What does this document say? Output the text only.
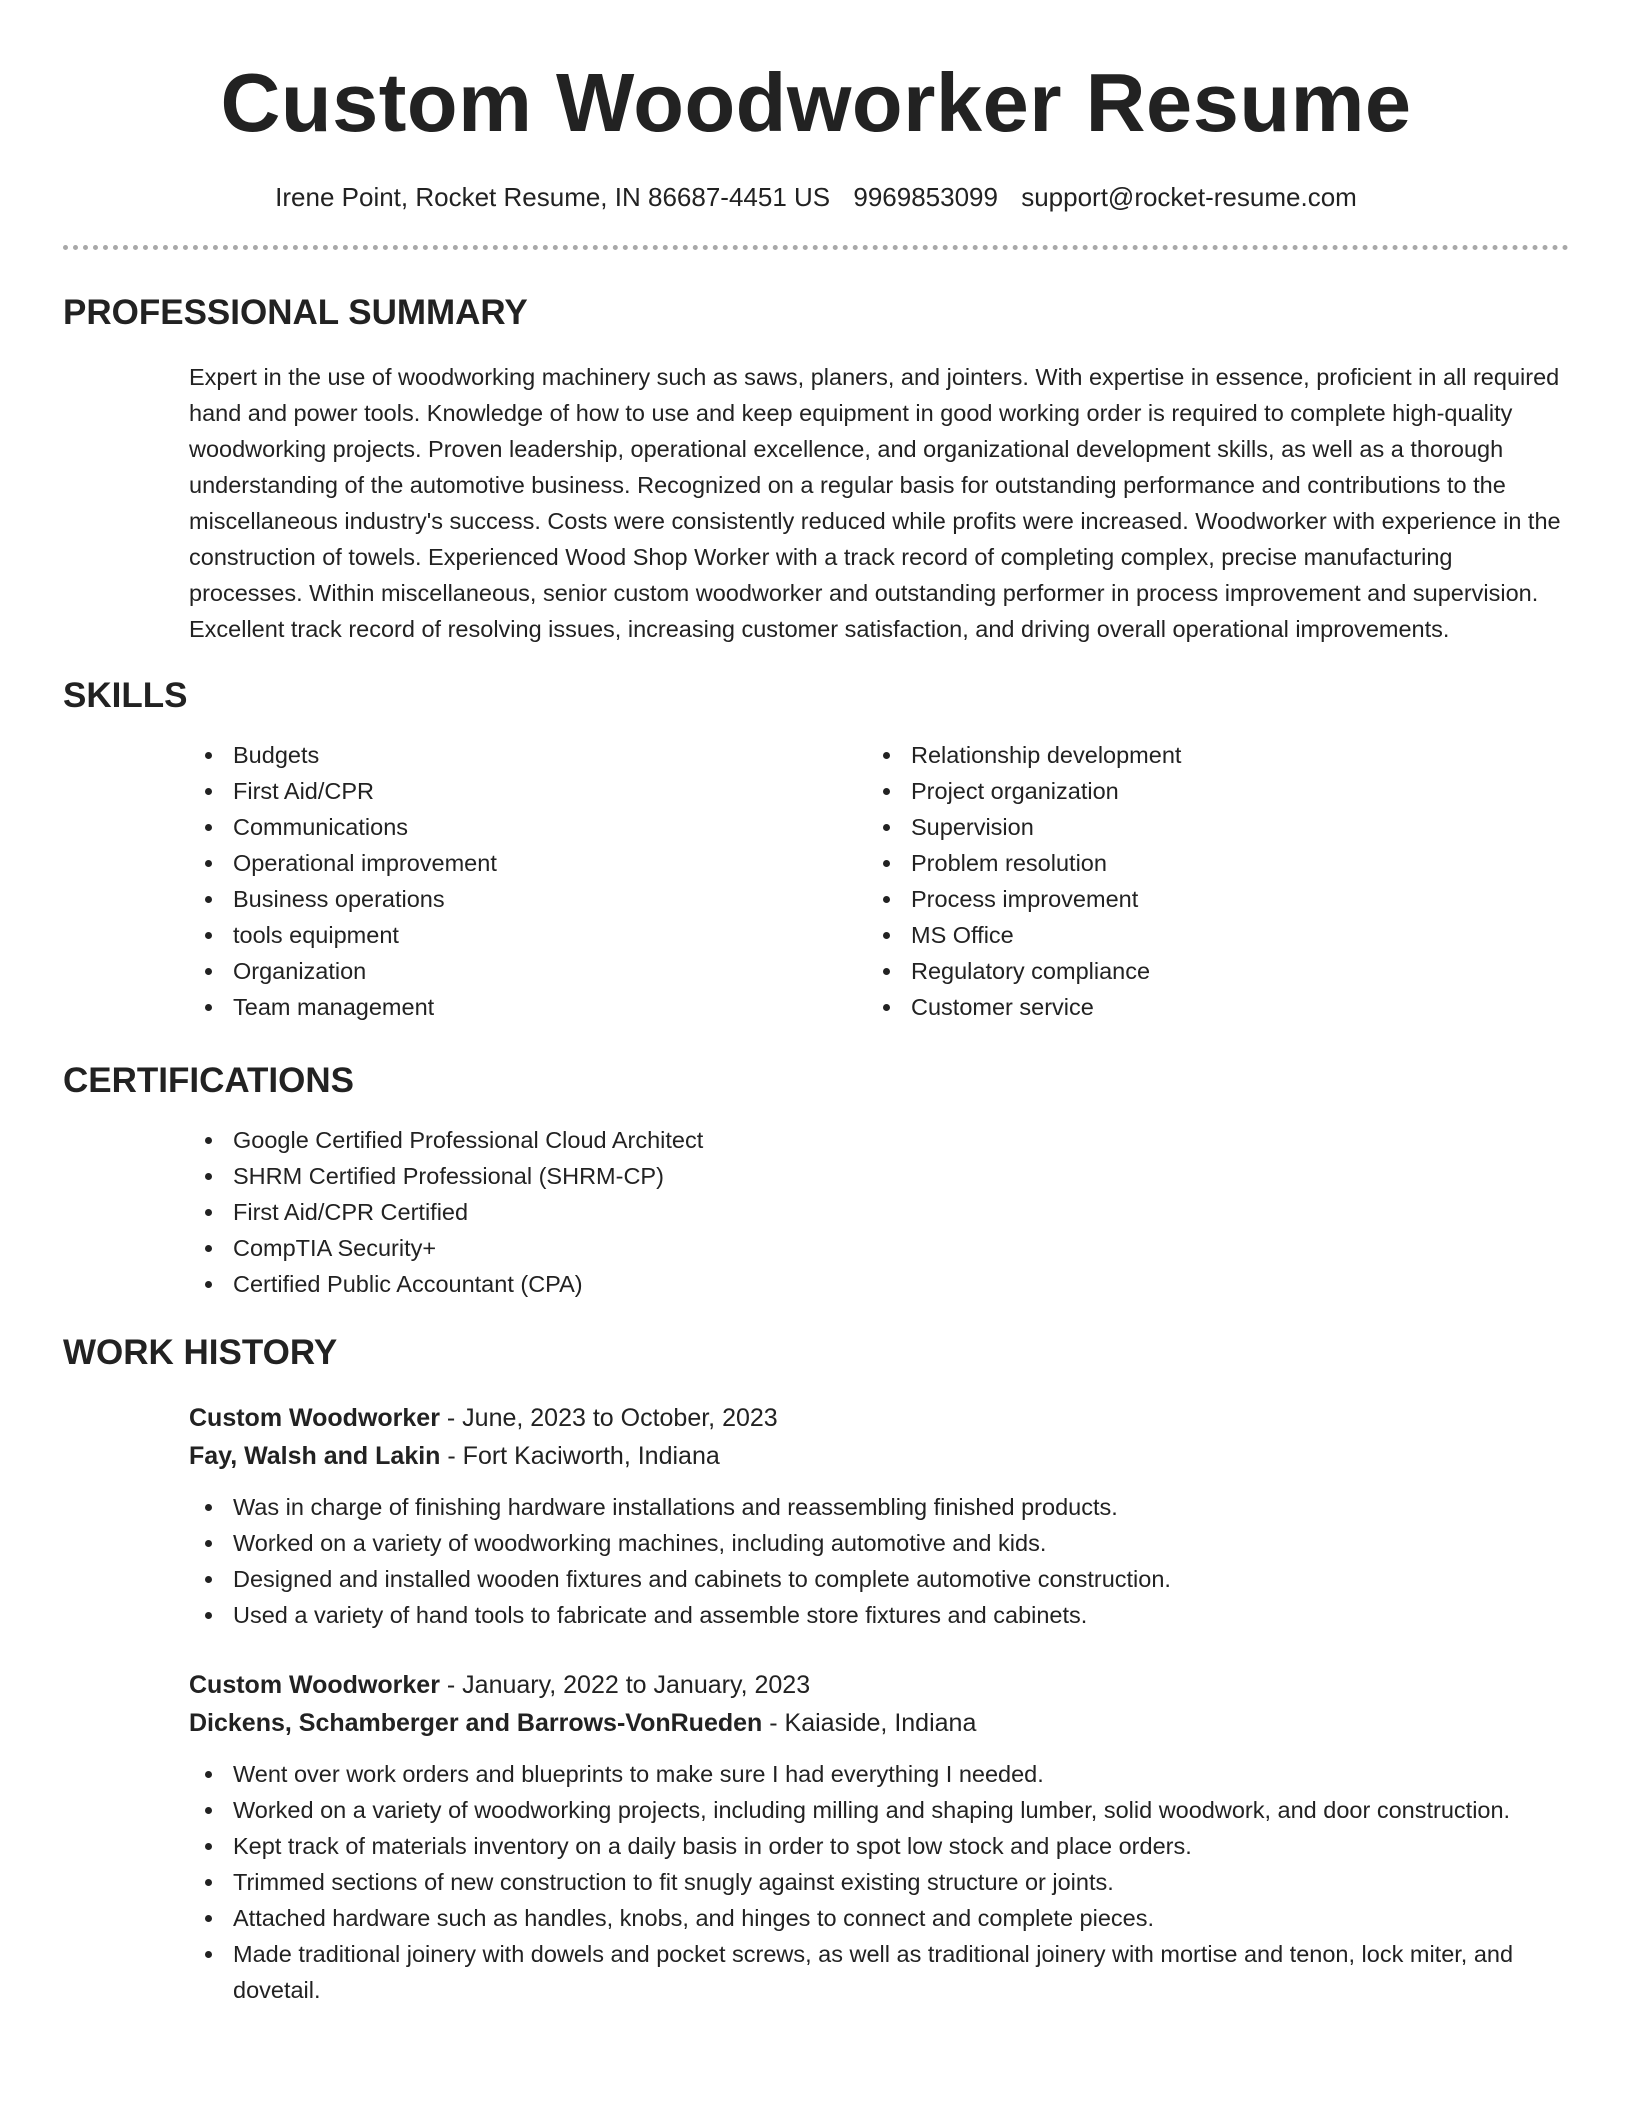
Custom Woodworker Resume
Irene Point, Rocket Resume, IN 86687-4451 US 9969853099 support@rocket-resume.com
PROFESSIONAL SUMMARY

Expert in the use of woodworking machinery such as saws, planers, and jointers. With expertise in essence, proficient in all required hand and power tools. Knowledge of how to use and keep equipment in good working order is required to complete high-quality woodworking projects. Proven leadership, operational excellence, and organizational development skills, as well as a thorough understanding of the automotive business. Recognized on a regular basis for outstanding performance and contributions to the miscellaneous industry's success. Costs were consistently reduced while profits were increased. Woodworker with experience in the construction of towels. Experienced Wood Shop Worker with a track record of completing complex, precise manufacturing processes. Within miscellaneous, senior custom woodworker and outstanding performer in process improvement and supervision. Excellent track record of resolving issues, increasing customer satisfaction, and driving overall operational improvements.

SKILLS
Budgets
First Aid/CPR
Communications
Operational improvement
Business operations
tools equipment
Organization
Team management
Relationship development
Project organization
Supervision
Problem resolution
Process improvement
MS Office
Regulatory compliance
Customer service
CERTIFICATIONS
Google Certified Professional Cloud Architect
SHRM Certified Professional (SHRM-CP)
First Aid/CPR Certified
CompTIA Security+
Certified Public Accountant (CPA)
WORK HISTORY
Custom Woodworker - June, 2023 to October, 2023
Fay, Walsh and Lakin - Fort Kaciworth, Indiana
Was in charge of finishing hardware installations and reassembling finished products.
Worked on a variety of woodworking machines, including automotive and kids.
Designed and installed wooden fixtures and cabinets to complete automotive construction.
Used a variety of hand tools to fabricate and assemble store fixtures and cabinets.
Custom Woodworker - January, 2022 to January, 2023
Dickens, Schamberger and Barrows-VonRueden - Kaiaside, Indiana
Went over work orders and blueprints to make sure I had everything I needed.
Worked on a variety of woodworking projects, including milling and shaping lumber, solid woodwork, and door construction.
Kept track of materials inventory on a daily basis in order to spot low stock and place orders.
Trimmed sections of new construction to fit snugly against existing structure or joints.
Attached hardware such as handles, knobs, and hinges to connect and complete pieces.
Made traditional joinery with dowels and pocket screws, as well as traditional joinery with mortise and tenon, lock miter, and dovetail.
